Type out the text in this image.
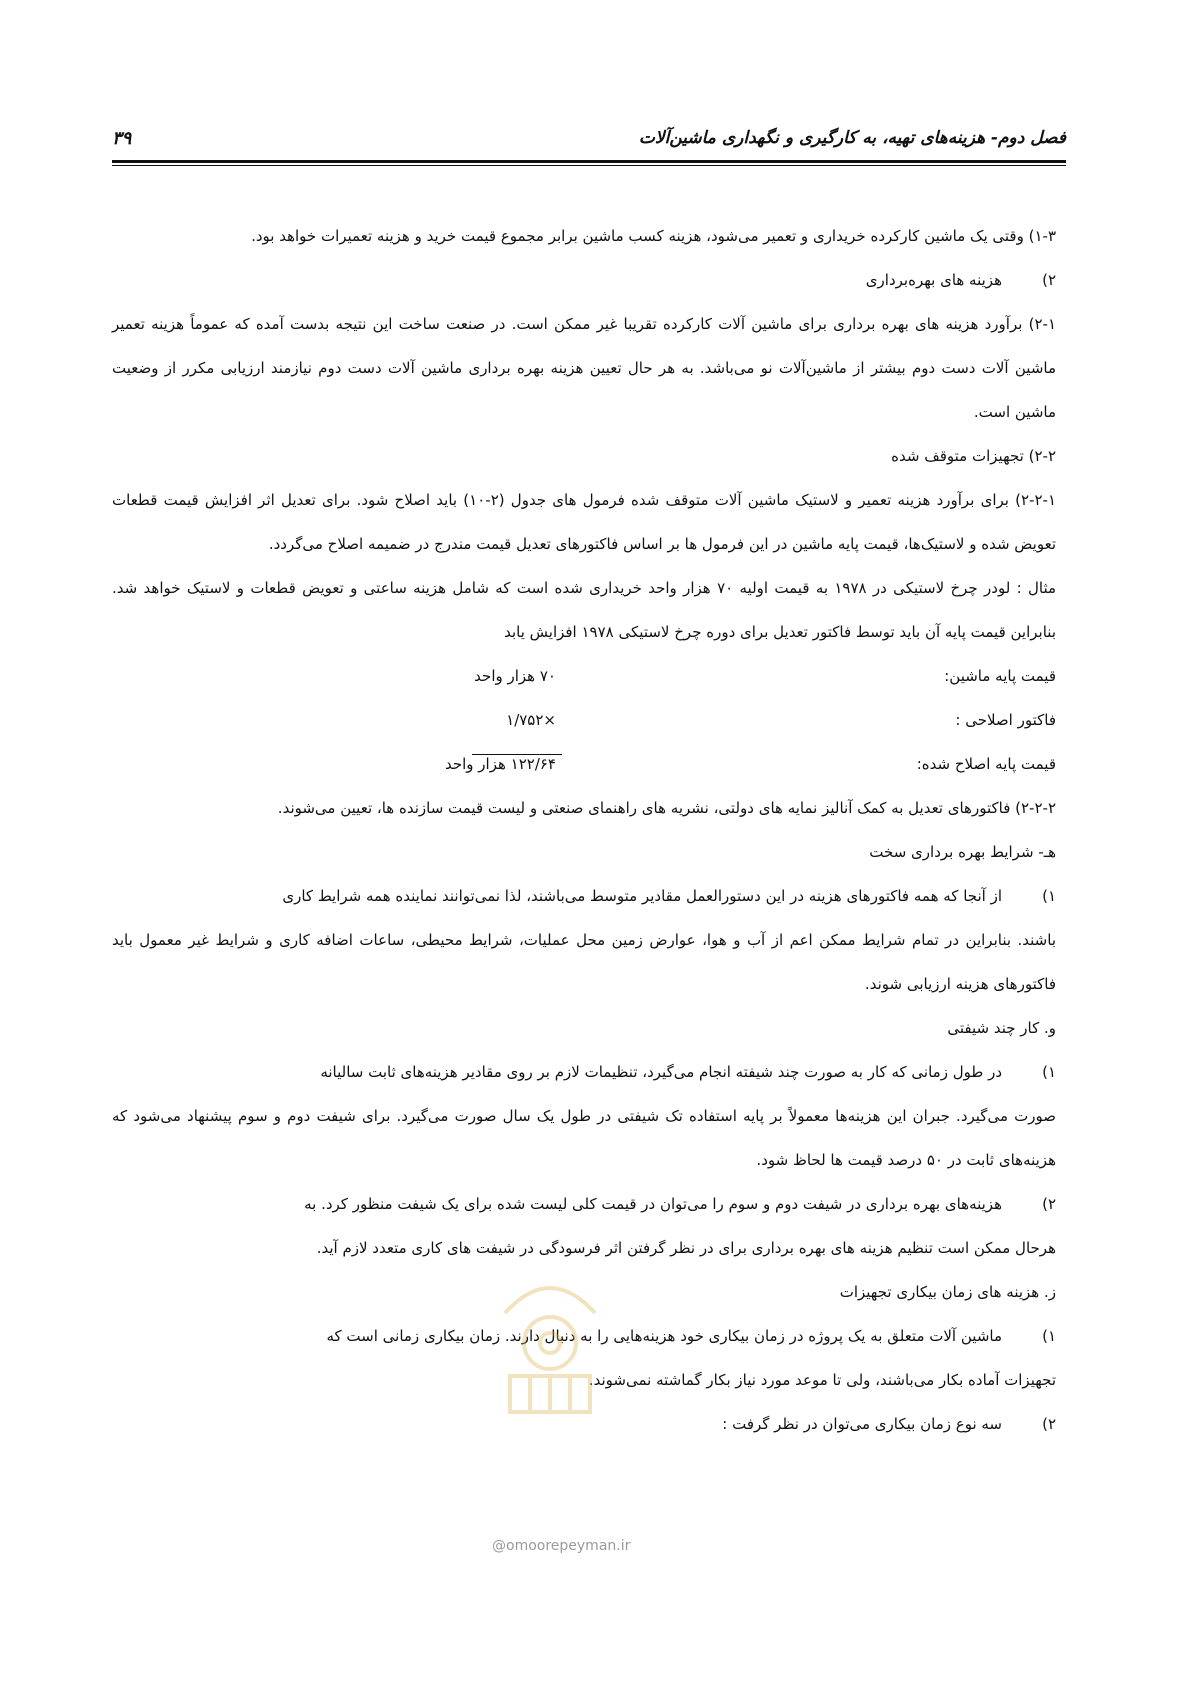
فصل دوم- هزینه‌های تهیه، به کارگیری و نگهداری ماشین‌آلات
۳۹

۱-۳) وقتی یک ماشین کارکرده خریداری و تعمیر می‌شود، هزینه کسب ماشین برابر مجموع قیمت خرید و هزینه تعمیرات خواهد بود.

۲)
هزینه های بهره‌برداری

۲-۱) برآورد هزینه های بهره برداری برای ماشین آلات کارکرده تقریبا غیر ممکن است. در صنعت ساخت این نتیجه بدست آمده که عموماً هزینه تعمیر ماشین آلات دست دوم بیشتر از ماشین‌آلات نو می‌باشد. به هر حال تعیین هزینه بهره برداری ماشین آلات دست دوم نیازمند ارزیابی مکرر از وضعیت ماشین است.

۲-۲) تجهیزات متوقف شده

۲-۲-۱) برای برآورد هزینه تعمیر و لاستیک ماشین آلات متوقف شده فرمول های جدول (۲-۱۰) باید اصلاح شود. برای تعدیل اثر افزایش قیمت قطعات تعویض شده و لاستیک‌ها، قیمت پایه ماشین در این فرمول ها بر اساس فاکتورهای تعدیل قیمت مندرج در ضمیمه اصلاح می‌گردد.

مثال : لودر چرخ لاستیکی در ۱۹۷۸ به قیمت اولیه ۷۰ هزار واحد خریداری شده است که شامل هزینه ساعتی و تعویض قطعات و لاستیک خواهد شد. بنابراین قیمت پایه آن باید توسط فاکتور تعدیل برای دوره چرخ لاستیکی ۱۹۷۸ افزایش یابد

قیمت پایه ماشین:
۷۰ هزار واحد
فاکتور اصلاحی :
×۱/۷۵۲
قیمت پایه اصلاح شده:
۱۲۲/۶۴ هزار واحد

۲-۲-۲) فاکتورهای تعدیل به کمک آنالیز نمایه های دولتی، نشریه های راهنمای صنعتی و لیست قیمت سازنده ها، تعیین می‌شوند.

هـ- شرایط بهره برداری سخت

۱)
از آنجا که همه فاکتورهای هزینه در این دستورالعمل مقادیر متوسط می‌باشند، لذا نمی‌توانند نماینده همه شرایط کاری

باشند. بنابراین در تمام شرایط ممکن اعم از آب و هوا، عوارض زمین محل عملیات، شرایط محیطی، ساعات اضافه کاری و شرایط غیر معمول باید فاکتورهای هزینه ارزیابی شوند.

و. کار چند شیفتی

۱)
در طول زمانی که کار به صورت چند شیفته انجام می‌گیرد، تنظیمات لازم بر روی مقادیر هزینه‌های ثابت سالیانه

صورت می‌گیرد. جبران این هزینه‌ها معمولاً بر پایه استفاده تک شیفتی در طول یک سال صورت می‌گیرد. برای شیفت دوم و سوم پیشنهاد می‌شود که هزینه‌های ثابت در ۵۰ درصد قیمت ها لحاظ شود.

۲)
هزینه‌های بهره برداری در شیفت دوم و سوم را می‌توان در قیمت کلی لیست شده برای یک شیفت منظور کرد. به

هرحال ممکن است تنظیم هزینه های بهره برداری برای در نظر گرفتن اثر فرسودگی در شیفت های کاری متعدد لازم آید.

ز. هزینه های زمان بیکاری تجهیزات

۱)
ماشین آلات متعلق به یک پروژه در زمان بیکاری خود هزینه‌هایی را به دنبال دارند. زمان بیکاری زمانی است که

تجهیزات آماده بکار می‌باشند، ولی تا موعد مورد نیاز بکار گماشته نمی‌شوند.

۲)
سه نوع زمان بیکاری می‌توان در نظر گرفت :
@omoorepeyman.ir
